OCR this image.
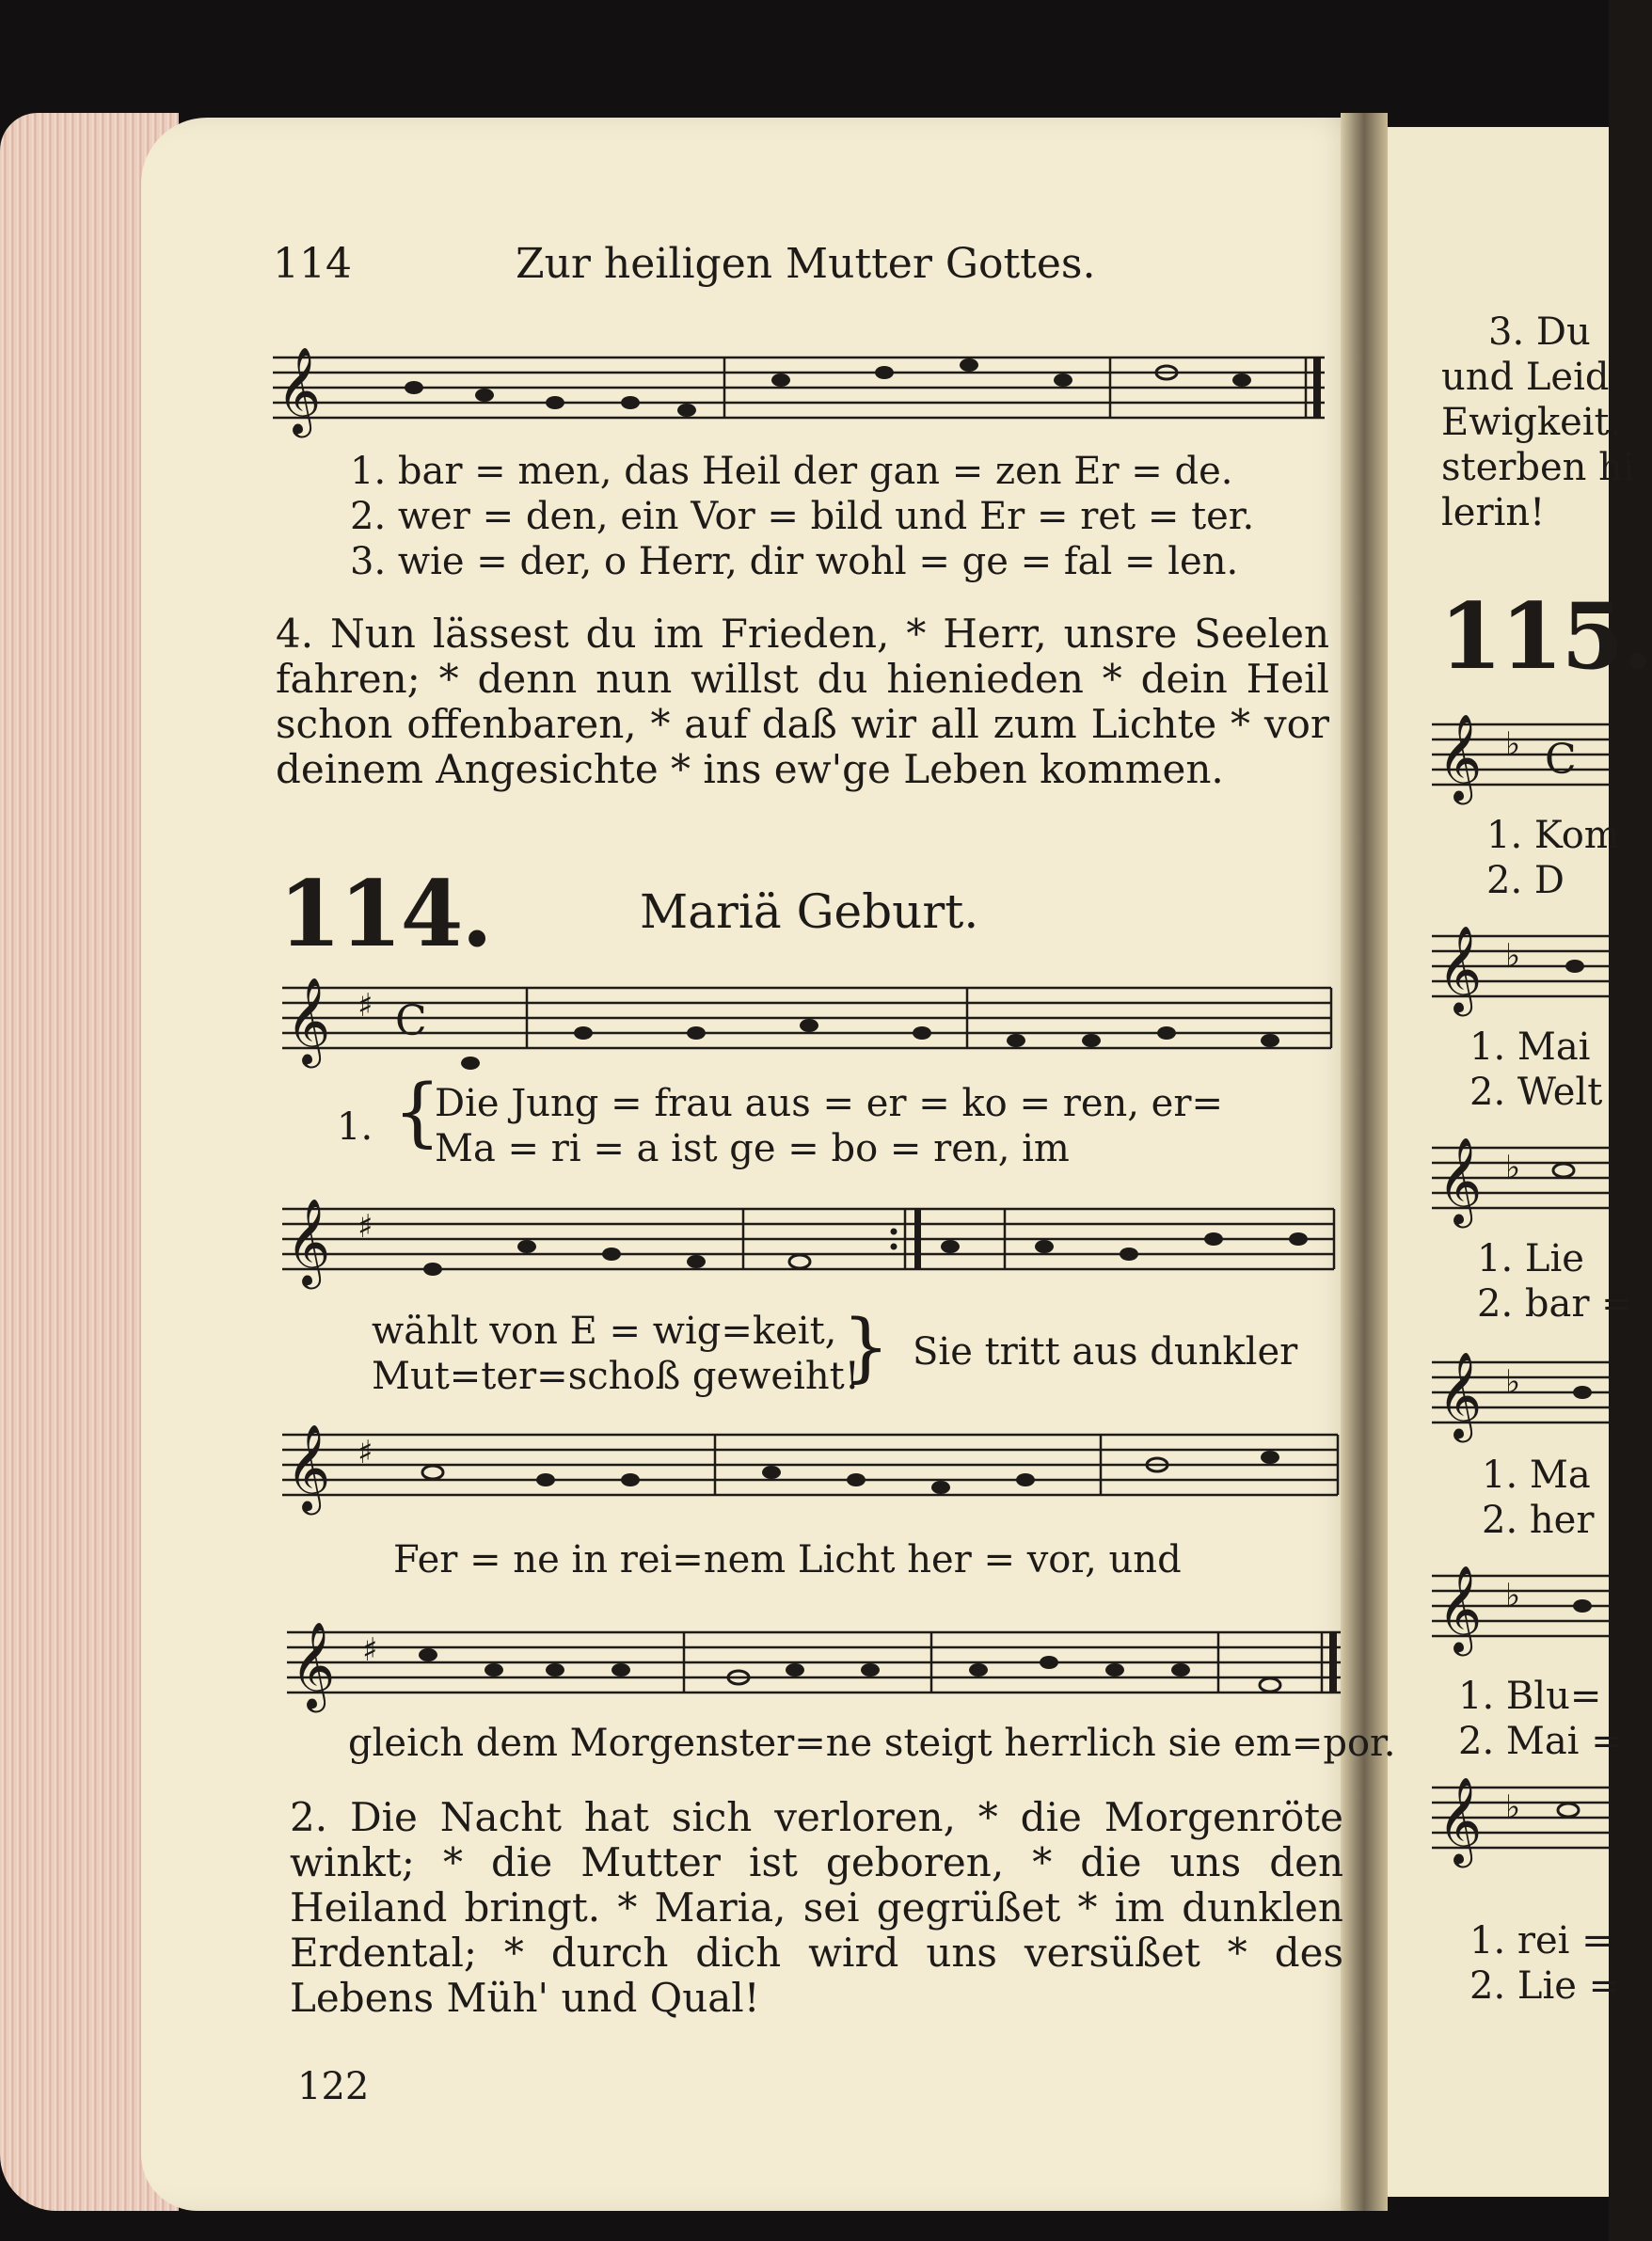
114	Zur heiligen Mutter Gottes.
𝄞
1. bar = men, das Heil der gan = zen Er = de.
2. wer = den, ein Vor = bild und Er = ret = ter.
3. wie = der, o Herr, dir wohl = ge = fal = len.
4. Nun lässest du im Frieden, * Herr, unsre Seelen fahren; * denn nun willst du hienieden * dein Heil schon offenbaren, * auf daß wir all zum Lichte * vor deinem Angesichte * ins ew'ge Leben kommen.
114.	Mariä Geburt.
𝄞 ♯ C
1. {
Die Jung = frau aus = er = ko = ren, er=
Ma = ri = a ist ge = bo = ren, im
𝄞 ♯
wählt von E = wig=keit,
Mut=ter=schoß geweiht!
} Sie tritt aus dunkler
𝄞 ♯
Fer = ne in rei=nem Licht her = vor, und
𝄞 ♯
gleich dem Morgenster=ne steigt herrlich sie em=por.
2. Die Nacht hat sich verloren, * die Morgenröte winkt; * die Mutter ist geboren, * die uns den Heiland bringt. * Maria, sei gegrüßet * im dunklen Erdental; * durch dich wird uns versüßet * des Lebens Müh' und Qual!
122
3. Du
und Leid
Ewigkeit.
sterben hi
lerin!
115.
𝄞
𝄞
𝄞
𝄞
𝄞
𝄞
♭
♭
♭
♭
♭
♭
C
1. Kom
2. D
1. Mai
2. Welt
1. Lie
2. bar =
1. Ma
2. her
1. Blu=
2. Mai =
1. rei =
2. Lie =
